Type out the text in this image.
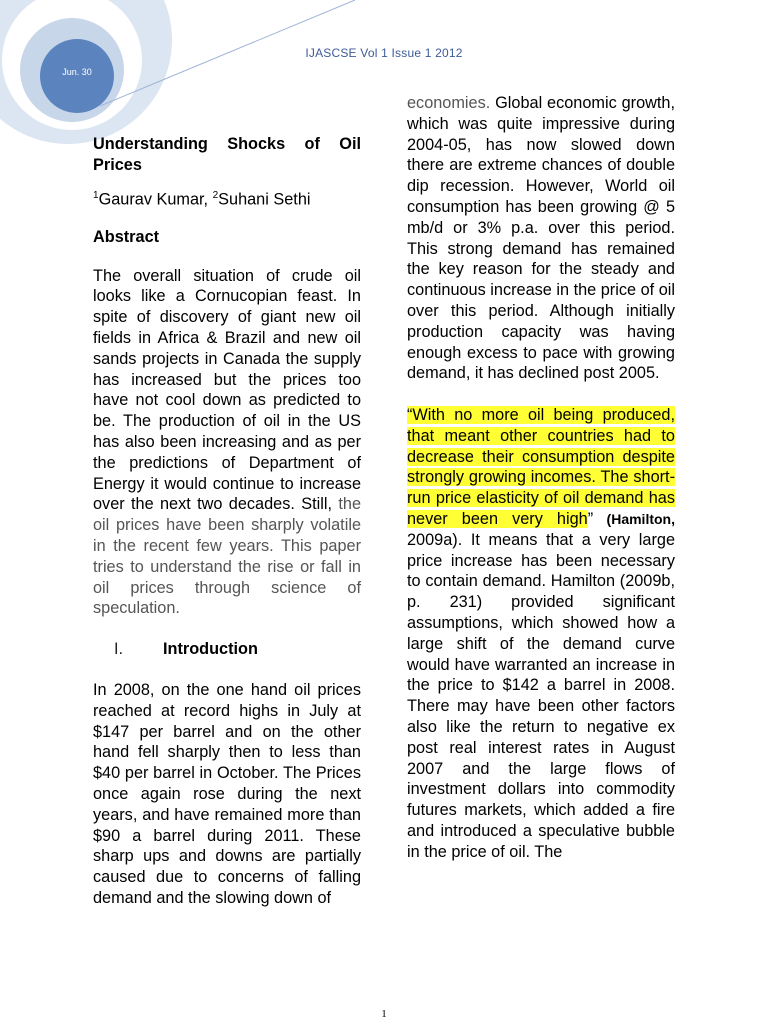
Jun. 30
IJASCSE Vol 1 Issue 1 2012
Understanding Shocks of Oil Prices
$^1$Gaurav Kumar, $^2$Suhani Sethi
Abstract

The overall situation of crude oil looks like a Cornucopian feast. In spite of discovery of giant new oil fields in Africa & Brazil and new oil sands projects in Canada the supply has increased but the prices too have not cool down as predicted to be. The production of oil in the US has also been increasing and as per the predictions of Department of Energy it would continue to increase over the next two decades. Still, the oil prices have been sharply volatile in the recent few years. This paper tries to understand the rise or fall in oil prices through science of speculation.

I.	Introduction

In 2008, on the one hand oil prices reached at record highs in July at $147 per barrel and on the other hand fell sharply then to less than $40 per barrel in October. The Prices once again rose during the next years, and have remained more than $90 a barrel during 2011. These sharp ups and downs are partially caused due to concerns of falling demand and the slowing down of

economies. Global economic growth, which was quite impressive during 2004-05, has now slowed down there are extreme chances of double dip recession. However, World oil consumption has been growing @ 5 mb/d or 3% p.a. over this period. This strong demand has remained the key reason for the steady and continuous increase in the price of oil over this period. Although initially production capacity was having enough excess to pace with growing demand, it has declined post 2005.

“With no more oil being produced, that meant other countries had to decrease their consumption despite strongly growing incomes. The short-run price elasticity of oil demand has never been very high” (Hamilton, 2009a). It means that a very large price increase has been necessary to contain demand. Hamilton (2009b, p. 231) provided significant assumptions, which showed how a large shift of the demand curve would have warranted an increase in the price to $142 a barrel in 2008. There may have been other factors also like the return to negative ex post real interest rates in August 2007 and the large flows of investment dollars into commodity futures markets, which added a fire and introduced a speculative bubble in the price of oil. The

1
